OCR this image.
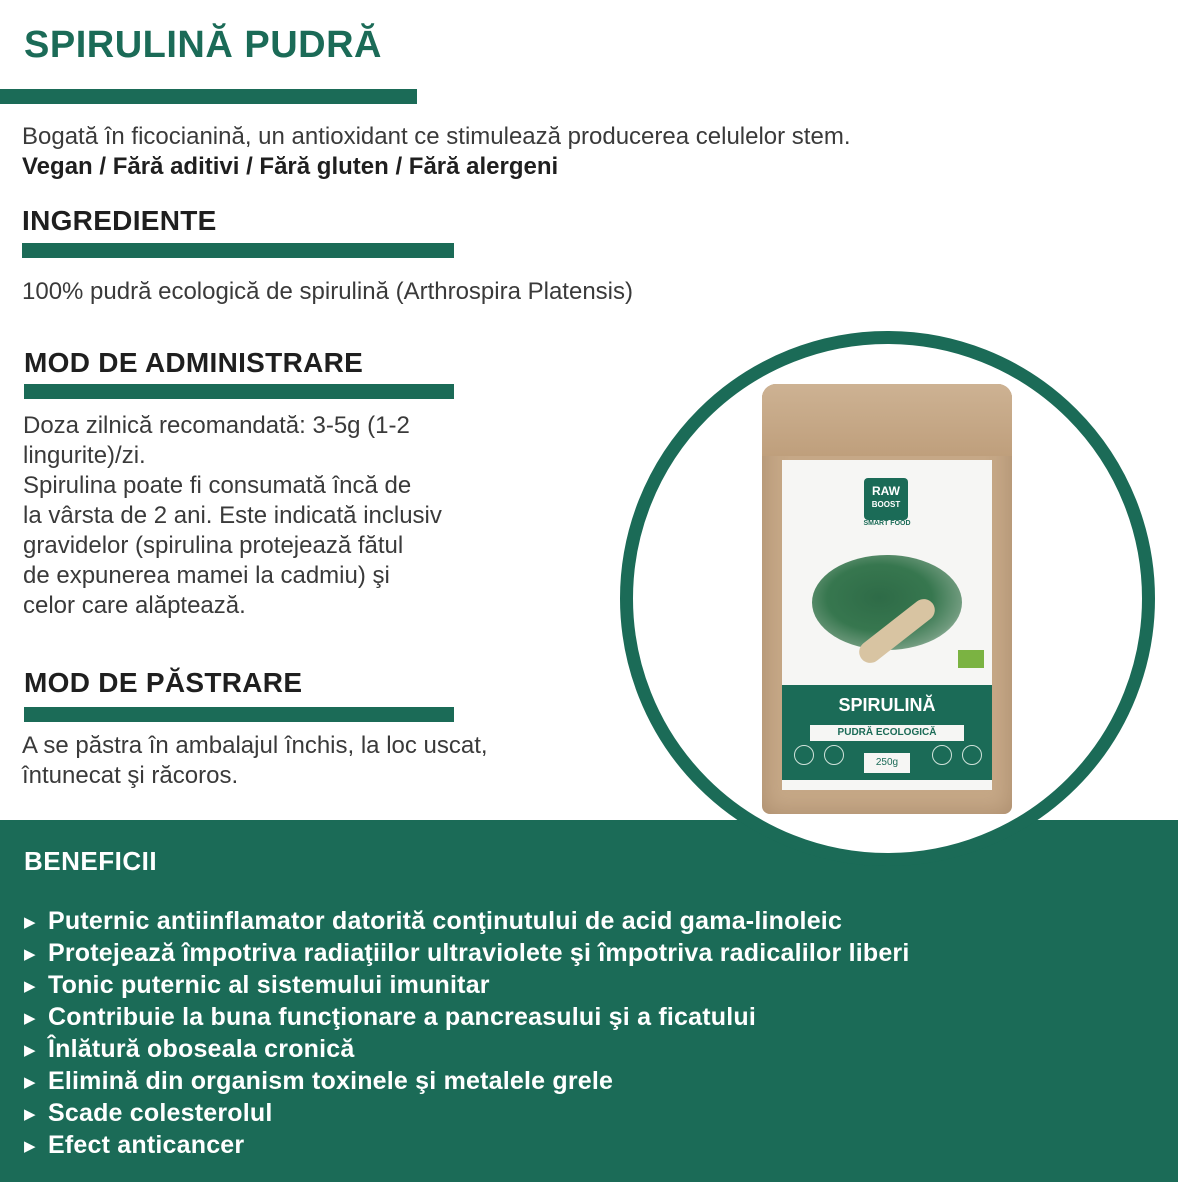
SPIRULINĂ PUDRĂ

Bogată în ficocianină, un antioxidant ce stimulează producerea celulelor stem.

Vegan / Fără aditivi / Fără gluten / Fără alergeni

INGREDIENTE

100% pudră ecologică de spirulină (Arthrospira Platensis)

MOD DE ADMINISTRARE

Doza zilnică recomandată: 3-5g (1-2

lingurite)/zi.

Spirulina poate fi consumată încă de

la vârsta de 2 ani. Este indicată inclusiv

gravidelor (spirulina protejează fătul

de expunerea mamei la cadmiu) şi

celor care alăptează.

MOD DE PĂSTRARE

A se păstra în ambalajul închis, la loc uscat,

întunecat şi răcoros.

BENEFICII
▶ Puternic antiinflamator datorită conţinutului de acid gama-linoleic
▶ Protejează împotriva radiaţiilor ultraviolete şi împotriva radicalilor liberi
▶ Tonic puternic al sistemului imunitar
▶ Contribuie la buna funcţionare a pancreasului şi a ficatului
▶ Înlătură oboseala cronică
▶ Elimină din organism toxinele şi metalele grele
▶ Scade colesterolul
▶ Efect anticancer
RAW
BOOST
SMART FOOD
SPIRULINĂ
PUDRĂ ECOLOGICĂ
250g
